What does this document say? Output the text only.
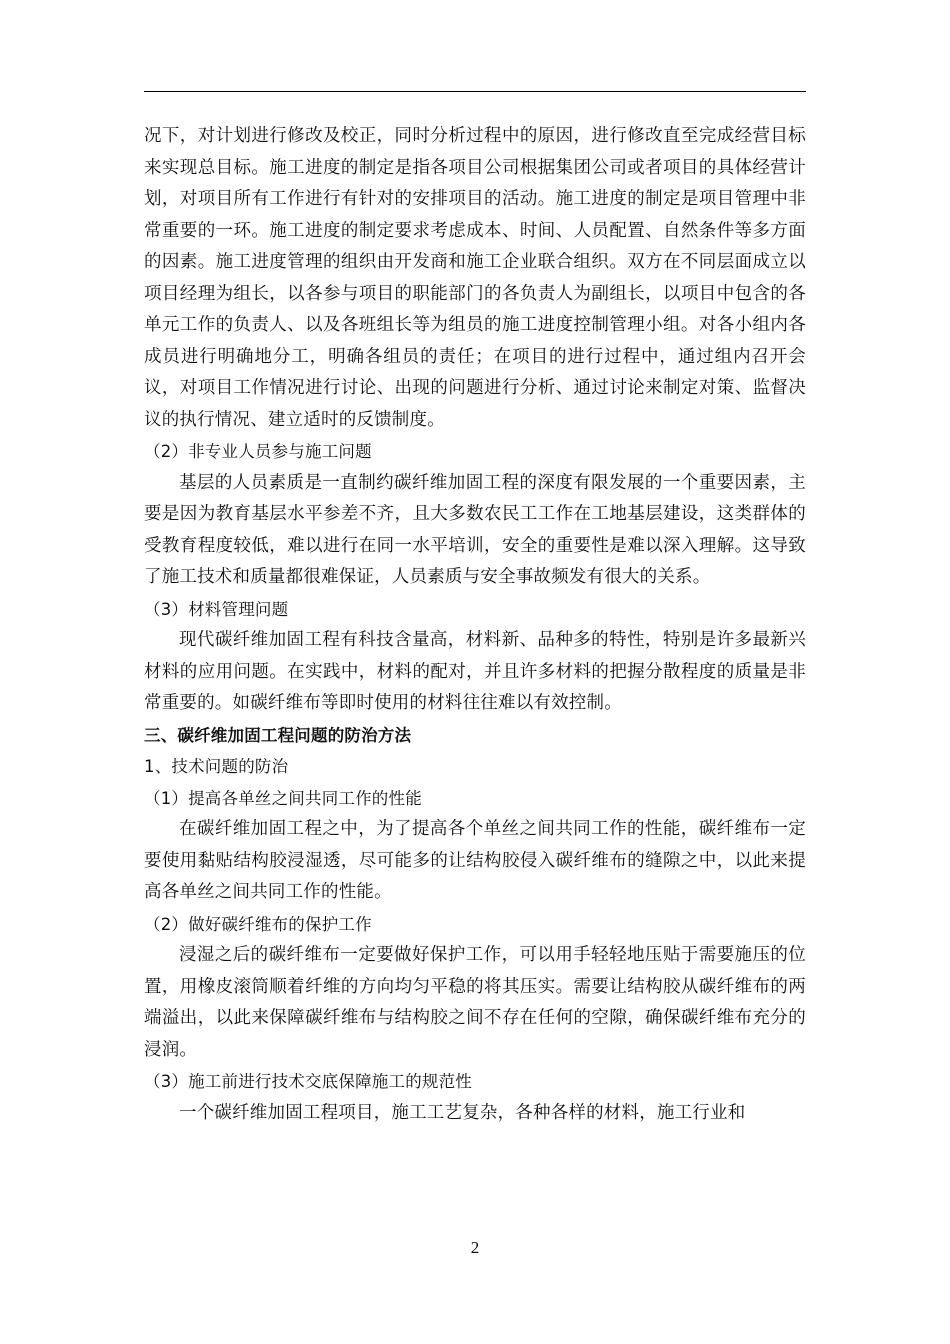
况下，对计划进行修改及校正，同时分析过程中的原因，进行修改直至完成经营目标来实现总目标。施工进度的制定是指各项目公司根据集团公司或者项目的具体经营计划，对项目所有工作进行有针对的安排项目的活动。施工进度的制定是项目管理中非常重要的一环。施工进度的制定要求考虑成本、时间、人员配置、自然条件等多方面的因素。施工进度管理的组织由开发商和施工企业联合组织。双方在不同层面成立以项目经理为组长，以各参与项目的职能部门的各负责人为副组长，以项目中包含的各单元工作的负责人、以及各班组长等为组员的施工进度控制管理小组。对各小组内各成员进行明确地分工，明确各组员的责任；在项目的进行过程中，通过组内召开会议，对项目工作情况进行讨论、出现的问题进行分析、通过讨论来制定对策、监督决议的执行情况、建立适时的反馈制度。

（2）非专业人员参与施工问题

基层的人员素质是一直制约碳纤维加固工程的深度有限发展的一个重要因素，主要是因为教育基层水平参差不齐，且大多数农民工工作在工地基层建设，这类群体的受教育程度较低，难以进行在同一水平培训，安全的重要性是难以深入理解。这导致了施工技术和质量都很难保证，人员素质与安全事故频发有很大的关系。

（3）材料管理问题

现代碳纤维加固工程有科技含量高，材料新、品种多的特性，特别是许多最新兴材料的应用问题。在实践中，材料的配对，并且许多材料的把握分散程度的质量是非常重要的。如碳纤维布等即时使用的材料往往难以有效控制。

三、碳纤维加固工程问题的防治方法

1、技术问题的防治

（1）提高各单丝之间共同工作的性能

在碳纤维加固工程之中，为了提高各个单丝之间共同工作的性能，碳纤维布一定要使用黏贴结构胶浸湿透，尽可能多的让结构胶侵入碳纤维布的缝隙之中，以此来提高各单丝之间共同工作的性能。

（2）做好碳纤维布的保护工作

浸湿之后的碳纤维布一定要做好保护工作，可以用手轻轻地压贴于需要施压的位置，用橡皮滚筒顺着纤维的方向均匀平稳的将其压实。需要让结构胶从碳纤维布的两端溢出，以此来保障碳纤维布与结构胶之间不存在任何的空隙，确保碳纤维布充分的浸润。

（3）施工前进行技术交底保障施工的规范性

一个碳纤维加固工程项目，施工工艺复杂，各种各样的材料，施工行业和

2
